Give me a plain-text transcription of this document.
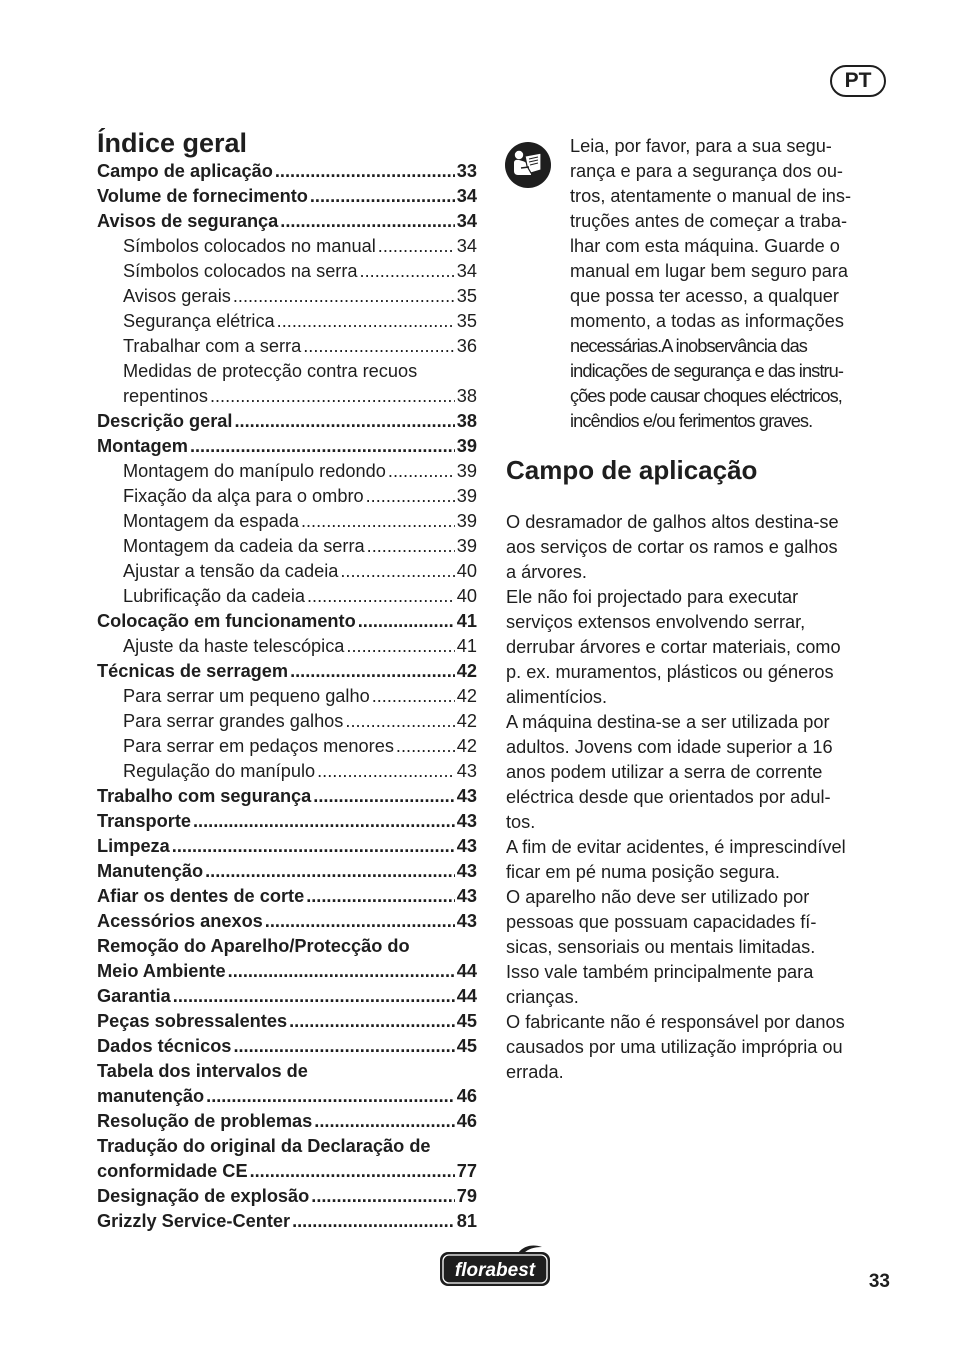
PT
Índice geral
Campo de aplicação .....	33
Volume de fornecimento .....	34
Avisos de segurança .....	34
Símbolos colocados no manual .....	34
Símbolos colocados na serra .....	34
Avisos gerais .....	35
Segurança elétrica .....	35
Trabalhar com a serra .....	36
Medidas de protecção contra recuos
repentinos .....	38
Descrição geral .....	38
Montagem .....	39
Montagem do manípulo redondo .....	39
Fixação da alça para o ombro .....	39
Montagem da espada .....	39
Montagem da cadeia da serra .....	39
Ajustar a tensão da cadeia .....	40
Lubrificação da cadeia .....	40
Colocação em funcionamento .....	41
Ajuste da haste telescópica .....	41
Técnicas de serragem .....	42
Para serrar um pequeno galho .....	42
Para serrar grandes galhos .....	42
Para serrar em pedaços menores .....	42
Regulação do manípulo .....	43
Trabalho com segurança .....	43
Transporte .....	43
Limpeza .....	43
Manutenção .....	43
Afiar os dentes de corte .....	43
Acessórios anexos .....	43
Remoção do Aparelho/Protecção do
Meio Ambiente .....	44
Garantia .....	44
Peças sobressalentes .....	45
Dados técnicos .....	45
Tabela dos intervalos de
manutenção .....	46
Resolução de problemas .....	46
Tradução do original da Declaração de
conformidade CE .....	77
Designação de explosão .....	79
Grizzly Service-Center .....	81
Leia, por favor, para a sua segu-
rança e para a segurança dos ou-
tros, atentamente o manual de ins-
truções antes de começar a traba-
lhar com esta máquina. Guarde o
manual em lugar bem seguro para
que possa ter acesso, a qualquer
momento, a todas as informações
necessárias.A inobservância das
indicações de segurança e das instru-
ções pode causar choques eléctricos,
incêndios e/ou ferimentos graves.
Campo de aplicação
O desramador de galhos altos destina-se
aos serviços de cortar os ramos e galhos
a árvores.
Ele não foi projectado para executar
serviços extensos envolvendo serrar,
derrubar árvores e cortar materiais, como
p. ex. muramentos, plásticos ou géneros
alimentícios.
A máquina destina-se a ser utilizada por
adultos. Jovens com idade superior a 16
anos podem utilizar a serra de corrente
eléctrica desde que orientados por adul-
tos.
A fim de evitar acidentes, é imprescindível
ficar em pé numa posição segura.
O aparelho não deve ser utilizado por
pessoas que possuam capacidades fí-
sicas, sensoriais ou mentais limitadas.
Isso vale também principalmente para
crianças.
O fabricante não é responsável por danos
causados por uma utilização imprópria ou
errada.
florabest
33
